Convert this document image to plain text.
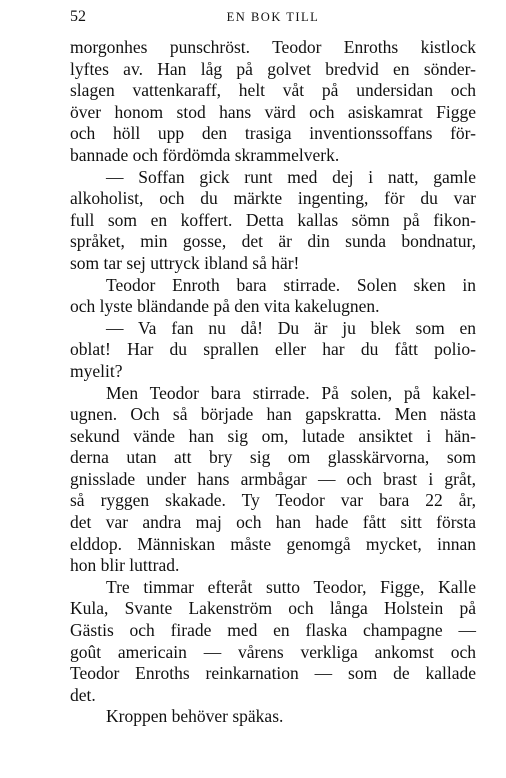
52	EN BOK TILL
morgonhes punschröst. Teodor Enroths kistlock
lyftes av. Han låg på golvet bredvid en sönder-
slagen vattenkaraff, helt våt på undersidan och
över honom stod hans värd och asiskamrat Figge
och höll upp den trasiga inventionssoffans för-
bannade och fördömda skrammelverk.
— Soffan gick runt med dej i natt, gamle
alkoholist, och du märkte ingenting, för du var
full som en koffert. Detta kallas sömn på fikon-
språket, min gosse, det är din sunda bondnatur,
som tar sej uttryck ibland så här!
Teodor Enroth bara stirrade. Solen sken in
och lyste bländande på den vita kakelugnen.
— Va fan nu då! Du är ju blek som en
oblat! Har du sprallen eller har du fått polio-
myelit?
Men Teodor bara stirrade. På solen, på kakel-
ugnen. Och så började han gapskratta. Men nästa
sekund vände han sig om, lutade ansiktet i hän-
derna utan att bry sig om glasskärvorna, som
gnisslade under hans armbågar — och brast i gråt,
så ryggen skakade. Ty Teodor var bara 22 år,
det var andra maj och han hade fått sitt första
elddop. Människan måste genomgå mycket, innan
hon blir luttrad.
Tre timmar efteråt sutto Teodor, Figge, Kalle
Kula, Svante Lakenström och långa Holstein på
Gästis och firade med en flaska champagne —
goût americain — vårens verkliga ankomst och
Teodor Enroths reinkarnation — som de kallade
det.
Kroppen behöver späkas.
